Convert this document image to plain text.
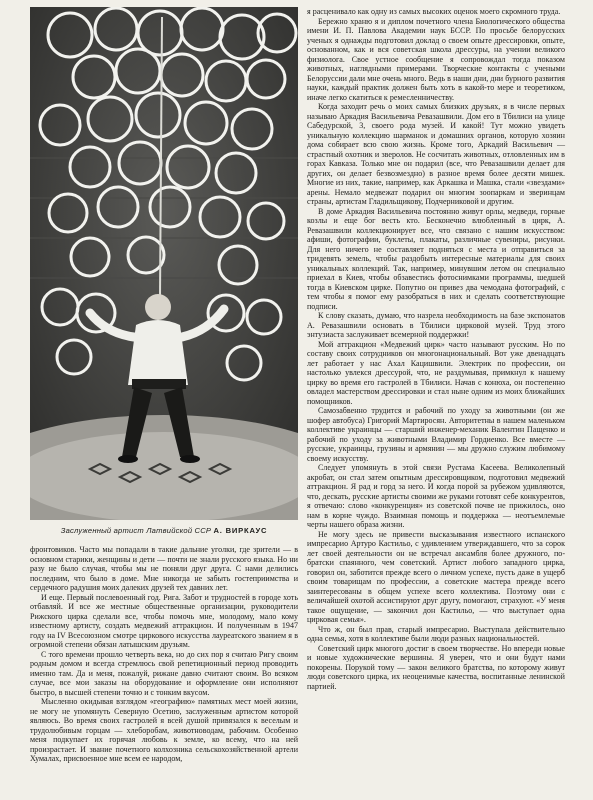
Заслуженный артист Латвийской ССР А. ВИРКАУС

я расценивало как одну из самых высоких оценок моего скромного труда.

Бережно храню я и диплом почетного члена Биологического общества имени И. П. Павлова Академии наук БССР. По просьбе белорусских ученых я однажды подготовил доклад о своем опыте дрессировки, опыте, основанном, как и вся советская школа дрессуры, на учении великого физиолога. Свое устное сообщение я сопровождал тогда показом животных, наглядными примерами. Творческие контакты с учеными Белоруссии дали мне очень много. Ведь в наши дни, дни бурного развития науки, каждый практик должен быть хоть в какой-то мере и теоретиком, иначе легко скатиться к ремесленничеству.

Когда заходит речь о моих самых близких друзьях, я в числе первых называю Аркадия Васильевича Ревазашвили. Дом его в Тбилиси на улице Сабедурской, 3, своего рода музей. И какой! Тут можно увидеть уникальную коллекцию шарманок и домашних органов, которую хозяин дома собирает всю свою жизнь. Кроме того, Аркадий Васильевич — страстный охотник и зверолов. Не сосчитать животных, отловленных им в горах Кавказа. Только мне он подарил (все, что Ревазашвили делает для других, он делает безвозмездно) в разное время более десяти мишек. Многие из них, такие, например, как Аркашка и Машка, стали «звездами» арены. Немало медвежат подарил он многим зоопаркам и зверинцам страны, артистам Гладильщикову, Подчерниковой и другим.

В доме Аркадия Васильевича постоянно живут орлы, медведи, горные козлы и еще бог весть кто. Бесконечно влюбленный в цирк, А. Ревазашвили коллекционирует все, что связано с нашим искусством: афиши, фотографии, буклеты, плакаты, различные сувениры, рисунки. Для него ничего не составляет подняться с места и отправиться за тридевять земель, чтобы раздобыть интересные материалы для своих уникальных коллекций. Так, например, минувшим летом он специально приехал в Киев, чтобы обзавестись фотоснимками программы, шедшей тогда в Киевском цирке. Попутно он привез два чемодана фотографий, с тем чтобы я помог ему разобраться в них и сделать соответствующие подписи.

К слову сказать, думаю, что назрела необходимость на базе экспонатов А. Ревазашвили основать в Тбилиси цирковой музей. Труд этого энтузиаста заслуживает всемерной поддержки!

Мой аттракцион «Медвежий цирк» часто называют русским. Но по составу своих сотрудников он многонациональный. Вот уже двенадцать лет работает у нас Ахал Кацишвили. Электрик по профессии, он настолько увлекся дрессурой, что, не раздумывая, примкнул к нашему цирку во время его гастролей в Тбилиси. Начав с конюха, он постепенно овладел мастерством дрессировки и стал ныне одним из моих ближайших помощников.

Самозабвенно трудится и рабочий по уходу за животными (он же шофер автобуса) Григорий Мартиросян. Авторитетны в нашем маленьком коллективе украинцы — старший инженер-механик Валентин Пащенко и рабочий по уходу за животными Владимир Гордиенко. Все вместе — русские, украинцы, грузины и армянин — мы дружно служим любимому своему искусству.

Следует упомянуть в этой связи Рустама Касеева. Великолепный акробат, он стал затем опытным дрессировщиком, подготовил медвежий аттракцион. Я рад и горд за него. И когда порой за рубежом удивляются, что, дескать, русские артисты своими же руками готовят себе конкурентов, я отвечаю: слово «конкуренция» из советской почве не прижилось, оно нам в корне чуждо. Взаимная помощь и поддержка — неотъемлемые черты нашего образа жизни.

Не могу здесь не привести высказывания известного испанского импресарио Артуро Кастильо, с удивлением утверждавшего, что за сорок лет своей деятельности он не встречал ансамбля более дружного, по-братски спаянного, чем советский. Артист любого западного цирка, говорил он, заботится прежде всего о личном успехе, пусть даже в ущерб своим товарищам по профессии, а советские мастера прежде всего заинтересованы в общем успехе всего коллектива. Поэтому они с величайшей охотой ассистируют друг другу, помогают, страхуют. «У меня такое ощущение, — закончил дон Кастильо, — что выступает одна цирковая семья».

Что ж, он был прав, старый импресарио. Выступала действительно одна семья, хотя в коллективе были люди разных национальностей.

Советский цирк многого достиг в своем творчестве. Но впереди новые и новые художнические вершины. Я уверен, что и они будут нами покорены. Порукой тому — закон великого братства, по которому живут люди советского цирка, их неоценимые качества, воспитанные ленинской партией.

фронтовиков. Часто мы попадали в такие дальние уголки, где зрители — в основном старики, женщины и дети — почти не знали русского языка. Но ни разу не было случая, чтобы мы не поняли друг друга. С нами делились последним, что было в доме. Мне никогда не забыть гостеприимства и сердечного радушия моих далеких друзей тех давних лет.

И еще. Первый послевоенный год. Рига. Забот и трудностей в городе хоть отбавляй. И все же местные общественные организации, руководители Рижского цирка сделали все, чтобы помочь мне, молодому, мало кому известному артисту, создать медвежий аттракцион. И полученным в 1947 году на IV Всесоюзном смотре циркового искусства лауреатского званием я в огромной степени обязан латышским друзьям.

С того времени прошло четверть века, но до сих пор я считаю Ригу своим родным домом и всегда стремлюсь свой репетиционный период проводить именно там. Да и меня, пожалуй, рижане давно считают своим. Во всяком случае, все мои заказы на оборудование и оформление они исполняют быстро, в высшей степени точно и с тонким вкусом.

Мысленно окидывая взглядом «географию» памятных мест моей жизни, не могу не упомянуть Северную Осетию, заслуженным артистом которой являюсь. Во время своих гастролей я всей душой привязался к веселым и трудолюбивым горцам — хлеборобам, животноводам, рабочим. Особенно меня подкупает их горячая любовь к земле, ко всему, что на ней произрастает. И звание почетного колхозника сельскохозяйственной артели Хумалах, присвоенное мне всем ее народом,
